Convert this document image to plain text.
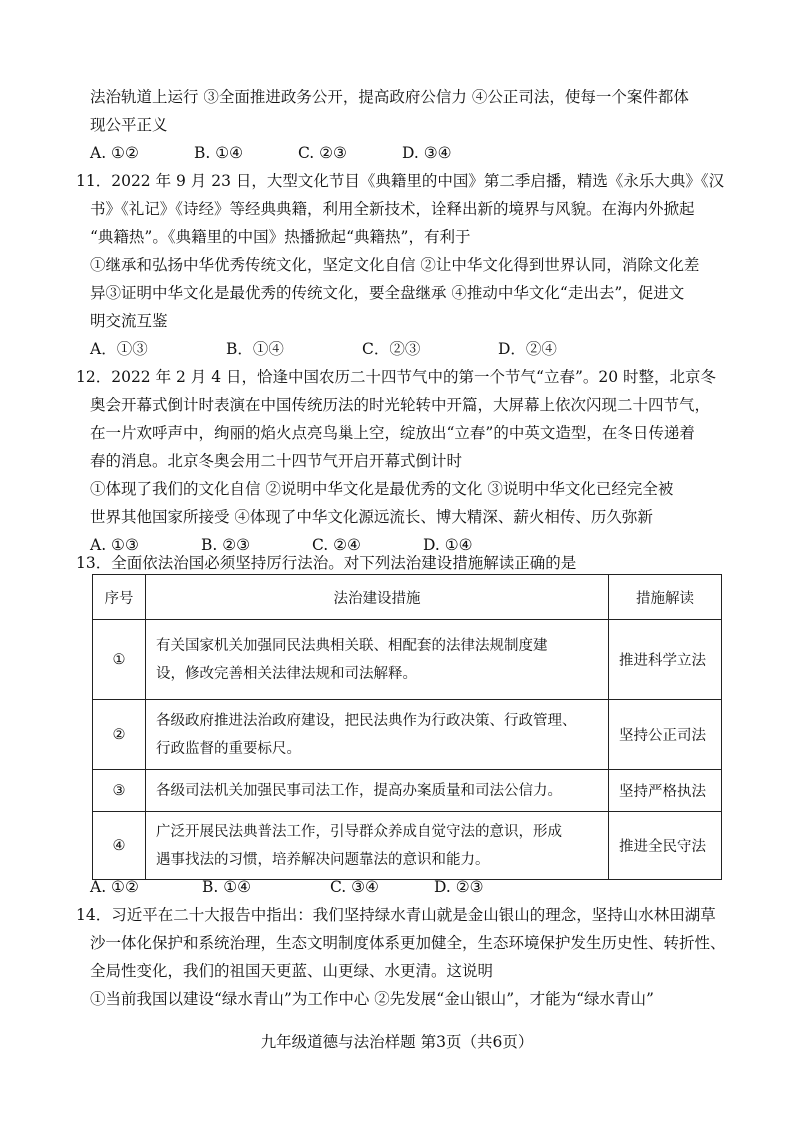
法治轨道上运行 ③全面推进政务公开，提高政府公信力 ④公正司法，使每一个案件都体
现公平正义
A. ①②	B. ①④	C. ②③	D. ③④
11．2022 年 9 月 23 日，大型文化节目《典籍里的中国》第二季启播，精选《永乐大典》《汉
书》《礼记》《诗经》等经典典籍，利用全新技术，诠释出新的境界与风貌。在海内外掀起
“典籍热”。《典籍里的中国》热播掀起“典籍热”，有利于
①继承和弘扬中华优秀传统文化，坚定文化自信 ②让中华文化得到世界认同，消除文化差
异③证明中华文化是最优秀的传统文化，要全盘继承 ④推动中华文化“走出去”，促进文
明交流互鉴
A．①③	B．①④	C．②③	D．②④
12．2022 年 2 月 4 日，恰逢中国农历二十四节气中的第一个节气“立春”。20 时整，北京冬
奥会开幕式倒计时表演在中国传统历法的时光轮转中开篇，大屏幕上依次闪现二十四节气，
在一片欢呼声中，绚丽的焰火点亮鸟巢上空，绽放出“立春”的中英文造型，在冬日传递着
春的消息。北京冬奥会用二十四节气开启开幕式倒计时
①体现了我们的文化自信 ②说明中华文化是最优秀的文化 ③说明中华文化已经完全被
世界其他国家所接受 ④体现了中华文化源远流长、博大精深、薪火相传、历久弥新
A. ①③	B. ②③	C. ②④	D. ①④
13．全面依法治国必须坚持厉行法治。对下列法治建设措施解读正确的是
序号	法治建设措施	措施解读
①	有关国家机关加强同民法典相关联、相配套的法律法规制度建
设，修改完善相关法律法规和司法解释。	推进科学立法
②	各级政府推进法治政府建设，把民法典作为行政决策、行政管理、
行政监督的重要标尺。	坚持公正司法
③	各级司法机关加强民事司法工作，提高办案质量和司法公信力。	坚持严格执法
④	广泛开展民法典普法工作，引导群众养成自觉守法的意识，形成
遇事找法的习惯，培养解决问题靠法的意识和能力。	推进全民守法
A. ①②	B. ①④	C. ③④	D. ②③
14．习近平在二十大报告中指出：我们坚持绿水青山就是金山银山的理念，坚持山水林田湖草
沙一体化保护和系统治理，生态文明制度体系更加健全，生态环境保护发生历史性、转折性、
全局性变化，我们的祖国天更蓝、山更绿、水更清。这说明
①当前我国以建设“绿水青山”为工作中心 ②先发展“金山银山”，才能为“绿水青山”
九年级道德与法治样题 第3页（共6页）
